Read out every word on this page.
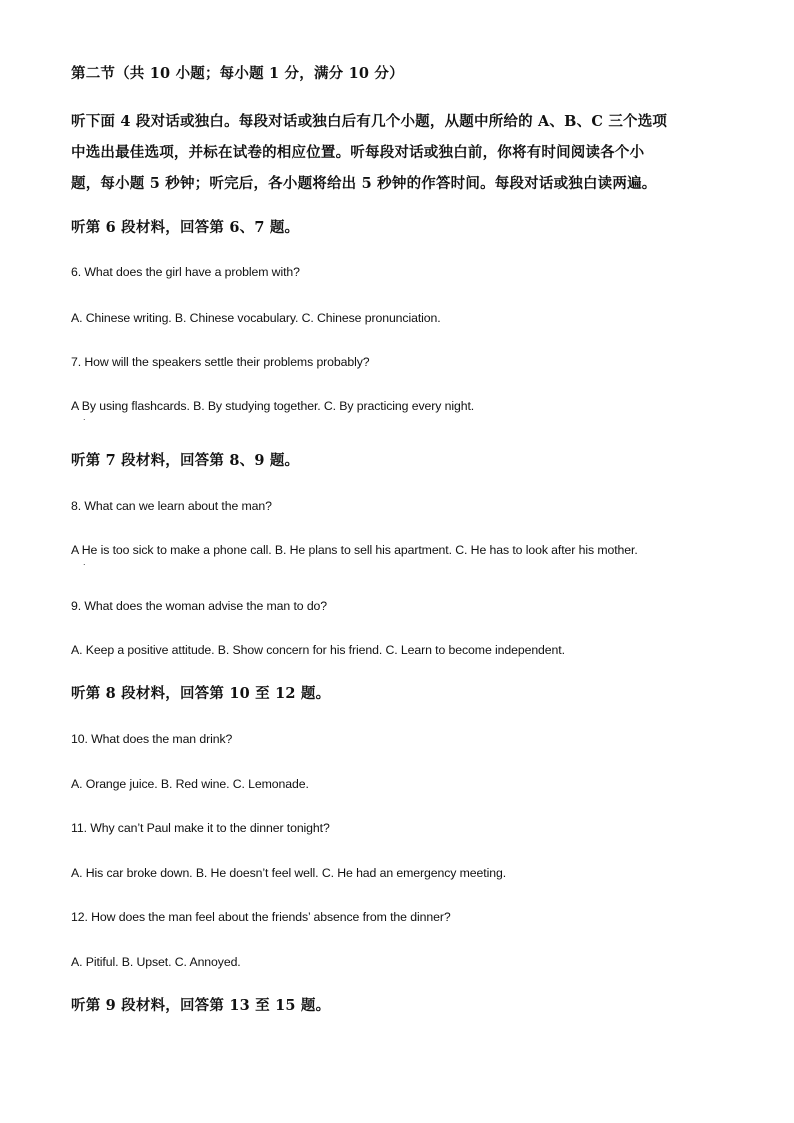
第二节（共 10 小题；每小题 1 分，满分 10 分）
听下面 4 段对话或独白。每段对话或独白后有几个小题，从题中所给的 A、B、C 三个选项
中选出最佳选项，并标在试卷的相应位置。听每段对话或独白前，你将有时间阅读各个小
题，每小题 5 秒钟；听完后，各小题将给出 5 秒钟的作答时间。每段对话或独白读两遍。
听第 6 段材料，回答第 6、7 题。
6. What does the girl have a problem with?
A. Chinese writing. B. Chinese vocabulary. C. Chinese pronunciation.
7. How will the speakers settle their problems probably?
A By using flashcards. B. By studying together. C. By practicing every night.
.
听第 7 段材料，回答第 8、9 题。
8. What can we learn about the man?
A He is too sick to make a phone call. B. He plans to sell his apartment. C. He has to look after his mother.
.
9. What does the woman advise the man to do?
A. Keep a positive attitude. B. Show concern for his friend. C. Learn to become independent.
听第 8 段材料，回答第 10 至 12 题。
10. What does the man drink?
A. Orange juice. B. Red wine. C. Lemonade.
11. Why can’t Paul make it to the dinner tonight?
A. His car broke down. B. He doesn’t feel well. C. He had an emergency meeting.
12. How does the man feel about the friends’ absence from the dinner?
A. Pitiful. B. Upset. C. Annoyed.
听第 9 段材料，回答第 13 至 15 题。
